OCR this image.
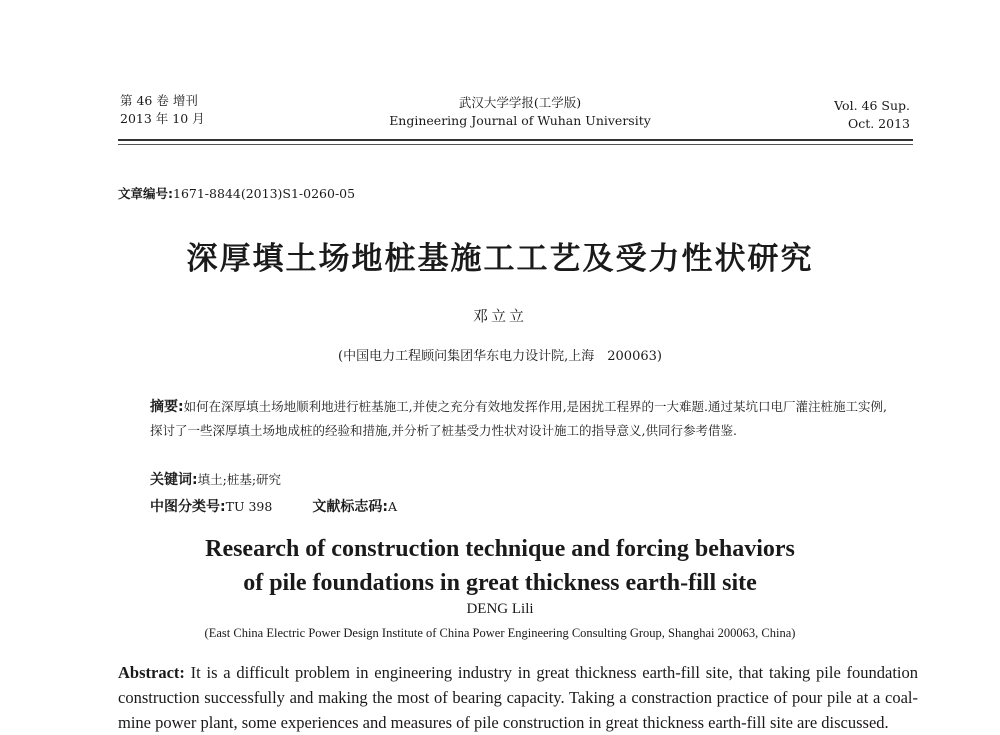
第 46 卷 增刊
2013 年 10 月
武汉大学学报(工学版)
Engineering Journal of Wuhan University
Vol. 46 Sup.
Oct. 2013
文章编号:1671-8844(2013)S1-0260-05
深厚填土场地桩基施工工艺及受力性状研究
邓立立
(中国电力工程顾问集团华东电力设计院,上海　200063)
摘要:如何在深厚填土场地顺利地进行桩基施工,并使之充分有效地发挥作用,是困扰工程界的一大难题.通过某坑口电厂灌注桩施工实例,探讨了一些深厚填土场地成桩的经验和措施,并分析了桩基受力性状对设计施工的指导意义,供同行参考借鉴.
关键词:填土;桩基;研究
中图分类号:TU 398	文献标志码:A
Research of construction technique and forcing behaviors
of pile foundations in great thickness earth-fill site
DENG Lili
(East China Electric Power Design Institute of China Power Engineering Consulting Group, Shanghai 200063, China)
Abstract: It is a difficult problem in engineering industry in great thickness earth-fill site, that taking pile foundation construction successfully and making the most of bearing capacity. Taking a constraction practice of pour pile at a coal-mine power plant, some experiences and measures of pile construction in great thickness earth-fill site are discussed.
